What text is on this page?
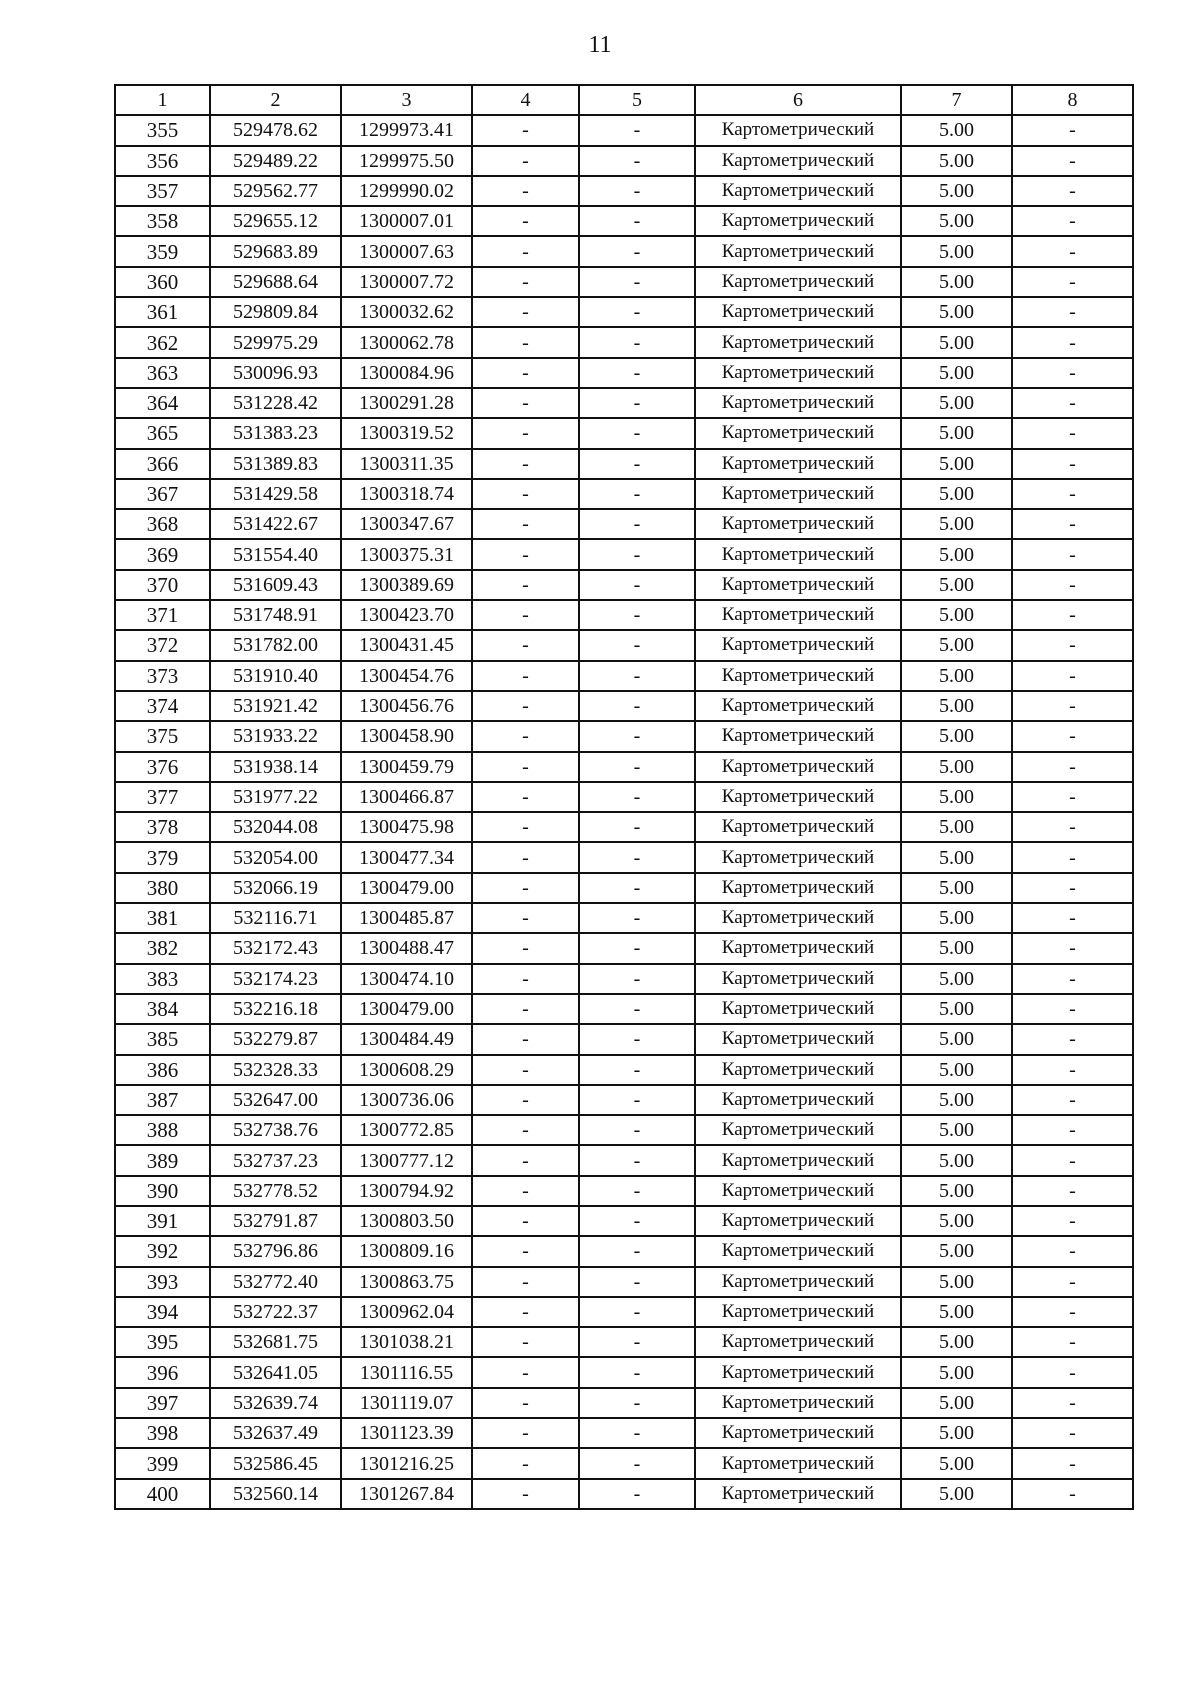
11
1	2	3	4	5	6	7	8
355	529478.62	1299973.41	-	-	Картометрический	5.00	-
356	529489.22	1299975.50	-	-	Картометрический	5.00	-
357	529562.77	1299990.02	-	-	Картометрический	5.00	-
358	529655.12	1300007.01	-	-	Картометрический	5.00	-
359	529683.89	1300007.63	-	-	Картометрический	5.00	-
360	529688.64	1300007.72	-	-	Картометрический	5.00	-
361	529809.84	1300032.62	-	-	Картометрический	5.00	-
362	529975.29	1300062.78	-	-	Картометрический	5.00	-
363	530096.93	1300084.96	-	-	Картометрический	5.00	-
364	531228.42	1300291.28	-	-	Картометрический	5.00	-
365	531383.23	1300319.52	-	-	Картометрический	5.00	-
366	531389.83	1300311.35	-	-	Картометрический	5.00	-
367	531429.58	1300318.74	-	-	Картометрический	5.00	-
368	531422.67	1300347.67	-	-	Картометрический	5.00	-
369	531554.40	1300375.31	-	-	Картометрический	5.00	-
370	531609.43	1300389.69	-	-	Картометрический	5.00	-
371	531748.91	1300423.70	-	-	Картометрический	5.00	-
372	531782.00	1300431.45	-	-	Картометрический	5.00	-
373	531910.40	1300454.76	-	-	Картометрический	5.00	-
374	531921.42	1300456.76	-	-	Картометрический	5.00	-
375	531933.22	1300458.90	-	-	Картометрический	5.00	-
376	531938.14	1300459.79	-	-	Картометрический	5.00	-
377	531977.22	1300466.87	-	-	Картометрический	5.00	-
378	532044.08	1300475.98	-	-	Картометрический	5.00	-
379	532054.00	1300477.34	-	-	Картометрический	5.00	-
380	532066.19	1300479.00	-	-	Картометрический	5.00	-
381	532116.71	1300485.87	-	-	Картометрический	5.00	-
382	532172.43	1300488.47	-	-	Картометрический	5.00	-
383	532174.23	1300474.10	-	-	Картометрический	5.00	-
384	532216.18	1300479.00	-	-	Картометрический	5.00	-
385	532279.87	1300484.49	-	-	Картометрический	5.00	-
386	532328.33	1300608.29	-	-	Картометрический	5.00	-
387	532647.00	1300736.06	-	-	Картометрический	5.00	-
388	532738.76	1300772.85	-	-	Картометрический	5.00	-
389	532737.23	1300777.12	-	-	Картометрический	5.00	-
390	532778.52	1300794.92	-	-	Картометрический	5.00	-
391	532791.87	1300803.50	-	-	Картометрический	5.00	-
392	532796.86	1300809.16	-	-	Картометрический	5.00	-
393	532772.40	1300863.75	-	-	Картометрический	5.00	-
394	532722.37	1300962.04	-	-	Картометрический	5.00	-
395	532681.75	1301038.21	-	-	Картометрический	5.00	-
396	532641.05	1301116.55	-	-	Картометрический	5.00	-
397	532639.74	1301119.07	-	-	Картометрический	5.00	-
398	532637.49	1301123.39	-	-	Картометрический	5.00	-
399	532586.45	1301216.25	-	-	Картометрический	5.00	-
400	532560.14	1301267.84	-	-	Картометрический	5.00	-
